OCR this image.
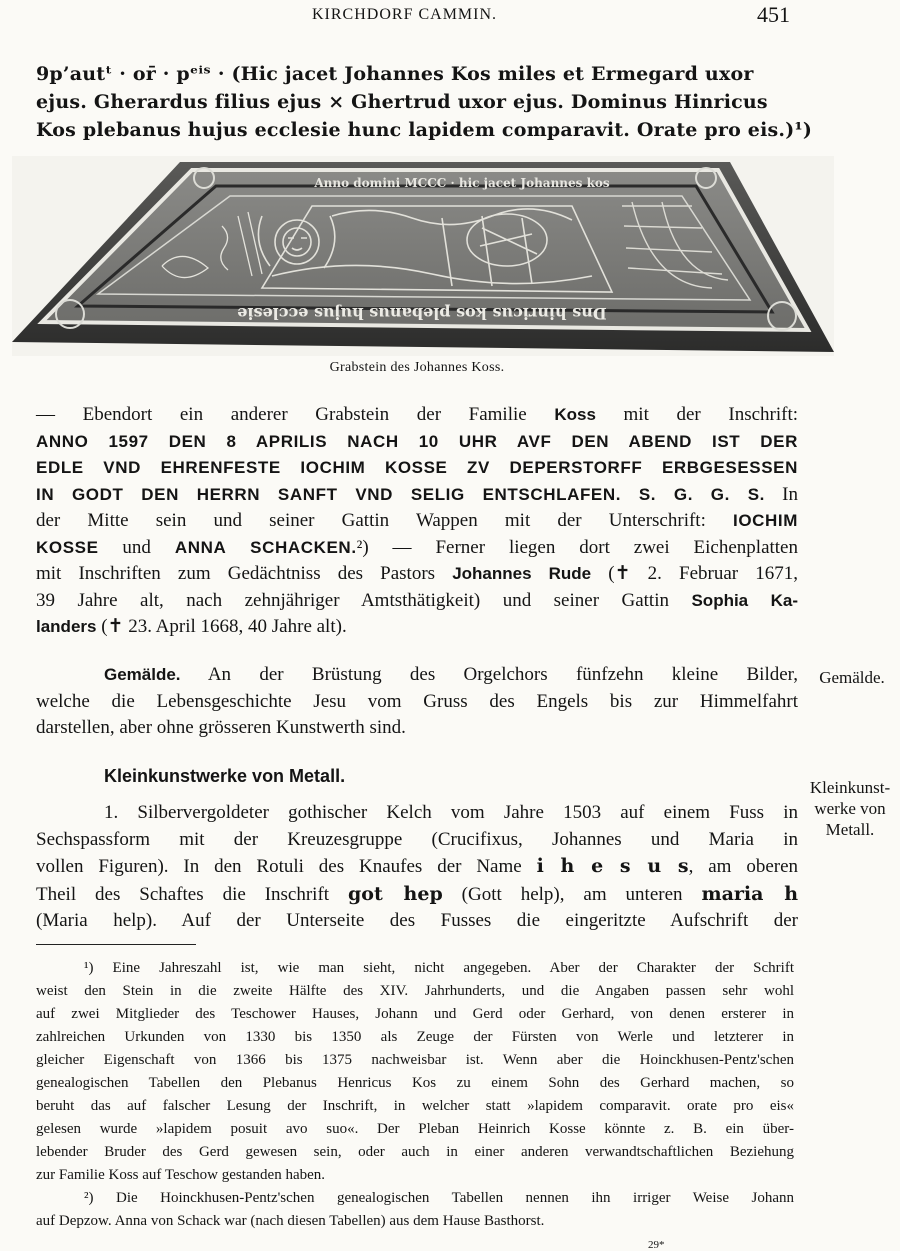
KIRCHDORF CAMMIN.	451
9p’autᵗ · or̄ · pᵉⁱˢ · (Hic jacet Johannes Kos miles et Ermegard uxor
ejus. Gherardus filius ejus × Ghertrud uxor ejus. Dominus Hinricus
Kos plebanus hujus ecclesie hunc lapidem comparavit. Orate pro eis.)¹)
Anno domini MCCC · hic jacet Johannes kos
Dns hinricus kos plebanus hujus ecclesie
Grabstein des Johannes Koss.
— Ebendort ein anderer Grabstein der Familie Koss mit der Inschrift:
ANNO 1597 DEN 8 APRILIS NACH 10 UHR AVF DEN ABEND IST DER
EDLE VND EHRENFESTE IOCHIM KOSSE ZV DEPERSTORFF ERBGESESSEN
IN GODT DEN HERRN SANFT VND SELIG ENTSCHLAFEN. S. G. G. S. In
der Mitte sein und seiner Gattin Wappen mit der Unterschrift: IOCHIM
KOSSE und ANNA SCHACKEN.²) — Ferner liegen dort zwei Eichenplatten
mit Inschriften zum Gedächtniss des Pastors Johannes Rude (✝ 2. Februar 1671,
39 Jahre alt, nach zehnjähriger Amtsthätigkeit) und seiner Gattin Sophia Ka-
landers (✝ 23. April 1668, 40 Jahre alt).
Gemälde. An der Brüstung des Orgelchors fünfzehn kleine Bilder,
welche die Lebensgeschichte Jesu vom Gruss des Engels bis zur Himmelfahrt
darstellen, aber ohne grösseren Kunstwerth sind.
Kleinkunstwerke von Metall.
1. Silbervergoldeter gothischer Kelch vom Jahre 1503 auf einem Fuss in
Sechspassform mit der Kreuzesgruppe (Crucifixus, Johannes und Maria in
vollen Figuren). In den Rotuli des Knaufes der Name i h e s u s, am oberen
Theil des Schaftes die Inschrift got hep (Gott help), am unteren maria h
(Maria help). Auf der Unterseite des Fusses die eingeritzte Aufschrift der
Gemälde.
Kleinkunst-
werke von
Metall.
¹) Eine Jahreszahl ist, wie man sieht, nicht angegeben. Aber der Charakter der Schrift
weist den Stein in die zweite Hälfte des XIV. Jahrhunderts, und die Angaben passen sehr wohl
auf zwei Mitglieder des Teschower Hauses, Johann und Gerd oder Gerhard, von denen ersterer in
zahlreichen Urkunden von 1330 bis 1350 als Zeuge der Fürsten von Werle und letzterer in
gleicher Eigenschaft von 1366 bis 1375 nachweisbar ist. Wenn aber die Hoinckhusen-Pentz'schen
genealogischen Tabellen den Plebanus Henricus Kos zu einem Sohn des Gerhard machen, so
beruht das auf falscher Lesung der Inschrift, in welcher statt »lapidem comparavit. orate pro eis«
gelesen wurde »lapidem posuit avo suo«. Der Pleban Heinrich Kosse könnte z. B. ein über-
lebender Bruder des Gerd gewesen sein, oder auch in einer anderen verwandtschaftlichen Beziehung
zur Familie Koss auf Teschow gestanden haben.
²) Die Hoinckhusen-Pentz'schen genealogischen Tabellen nennen ihn irriger Weise Johann
auf Depzow. Anna von Schack war (nach diesen Tabellen) aus dem Hause Basthorst.
29*
